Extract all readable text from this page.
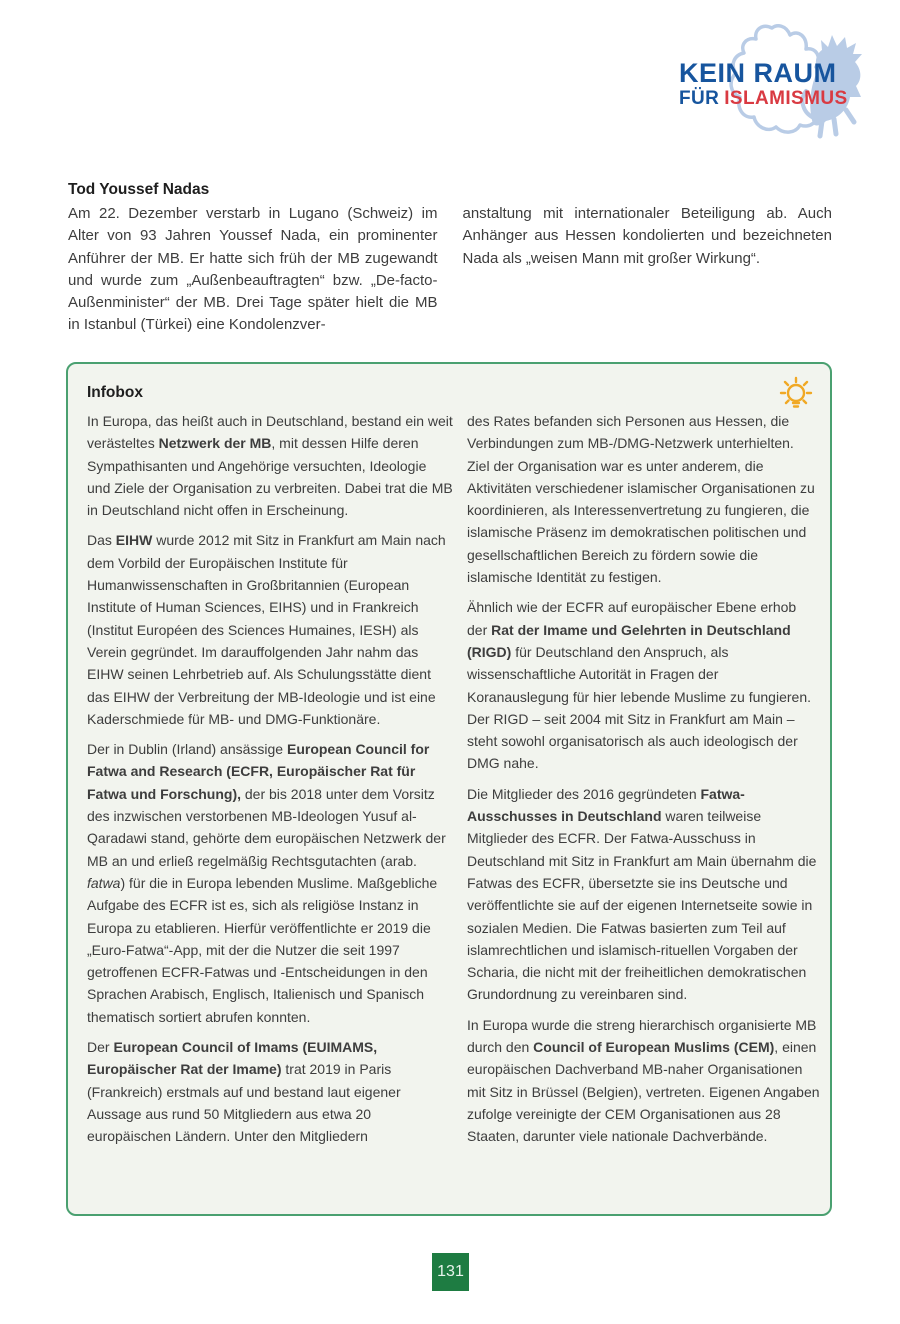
KEIN RAUM
FÜR ISLAMISMUS
Tod Youssef Nadas
Am 22. Dezember verstarb in Lugano (Schweiz) im Alter von 93 Jahren Youssef Nada, ein prominenter Anführer der MB. Er hatte sich früh der MB zugewandt und wurde zum „Außenbeauftragten“ bzw. „De-facto-Außenminister“ der MB. Drei Tage später hielt die MB in Istanbul (Türkei) eine Kondolenzver-
anstaltung mit internationaler Beteiligung ab. Auch Anhänger aus Hessen kondolierten und bezeichneten Nada als „weisen Mann mit großer Wirkung“.
Infobox

In Europa, das heißt auch in Deutschland, bestand ein weit verästeltes Netzwerk der MB, mit dessen Hilfe deren Sympathisanten und Angehörige versuchten, Ideologie und Ziele der Organisation zu verbreiten. Dabei trat die MB in Deutschland nicht offen in Erscheinung.

Das EIHW wurde 2012 mit Sitz in Frankfurt am Main nach dem Vorbild der Europäischen Institute für Humanwissenschaften in Großbritannien (European Institute of Human Sciences, EIHS) und in Frankreich (Institut Européen des Sciences Humaines, IESH) als Verein gegründet. Im darauffolgenden Jahr nahm das EIHW seinen Lehrbetrieb auf. Als Schulungsstätte dient das EIHW der Verbreitung der MB-Ideologie und ist eine Kaderschmiede für MB- und DMG-Funktionäre.

Der in Dublin (Irland) ansässige European Council for Fatwa and Research (ECFR, Europäischer Rat für Fatwa und Forschung), der bis 2018 unter dem Vorsitz des inzwischen verstorbenen MB-Ideologen Yusuf al-Qaradawi stand, gehörte dem europäischen Netzwerk der MB an und erließ regelmäßig Rechtsgutachten (arab. fatwa) für die in Europa lebenden Muslime. Maßgebliche Aufgabe des ECFR ist es, sich als religiöse Instanz in Europa zu etablieren. Hierfür veröffentlichte er 2019 die „Euro-Fatwa“-App, mit der die Nutzer die seit 1997 getroffenen ECFR-Fatwas und -Entscheidungen in den Sprachen Arabisch, Englisch, Italienisch und Spanisch thematisch sortiert abrufen konnten.

Der European Council of Imams (EUIMAMS, Europäischer Rat der Imame) trat 2019 in Paris (Frankreich) erstmals auf und bestand laut eigener Aussage aus rund 50 Mitgliedern aus etwa 20 europäischen Ländern. Unter den Mitgliedern

des Rates befanden sich Personen aus Hessen, die Verbindungen zum MB-/DMG-Netzwerk unterhielten. Ziel der Organisation war es unter anderem, die Aktivitäten verschiedener islamischer Organisationen zu koordinieren, als Interessenvertretung zu fungieren, die islamische Präsenz im demokratischen politischen und gesellschaftlichen Bereich zu fördern sowie die islamische Identität zu festigen.

Ähnlich wie der ECFR auf europäischer Ebene erhob der Rat der Imame und Gelehrten in Deutschland (RIGD) für Deutschland den Anspruch, als wissenschaftliche Autorität in Fragen der Koranauslegung für hier lebende Muslime zu fungieren. Der RIGD – seit 2004 mit Sitz in Frankfurt am Main – steht sowohl organisatorisch als auch ideologisch der DMG nahe.

Die Mitglieder des 2016 gegründeten Fatwa-Ausschusses in Deutschland waren teilweise Mitglieder des ECFR. Der Fatwa-Ausschuss in Deutschland mit Sitz in Frankfurt am Main übernahm die Fatwas des ECFR, übersetzte sie ins Deutsche und veröffentlichte sie auf der eigenen Internetseite sowie in sozialen Medien. Die Fatwas basierten zum Teil auf islamrechtlichen und islamisch-rituellen Vorgaben der Scharia, die nicht mit der freiheitlichen demokratischen Grundordnung zu vereinbaren sind.

In Europa wurde die streng hierarchisch organisierte MB durch den Council of European Muslims (CEM), einen europäischen Dachverband MB-naher Organisationen mit Sitz in Brüssel (Belgien), vertreten. Eigenen Angaben zufolge vereinigte der CEM Organisationen aus 28 Staaten, darunter viele nationale Dachverbände.

131
